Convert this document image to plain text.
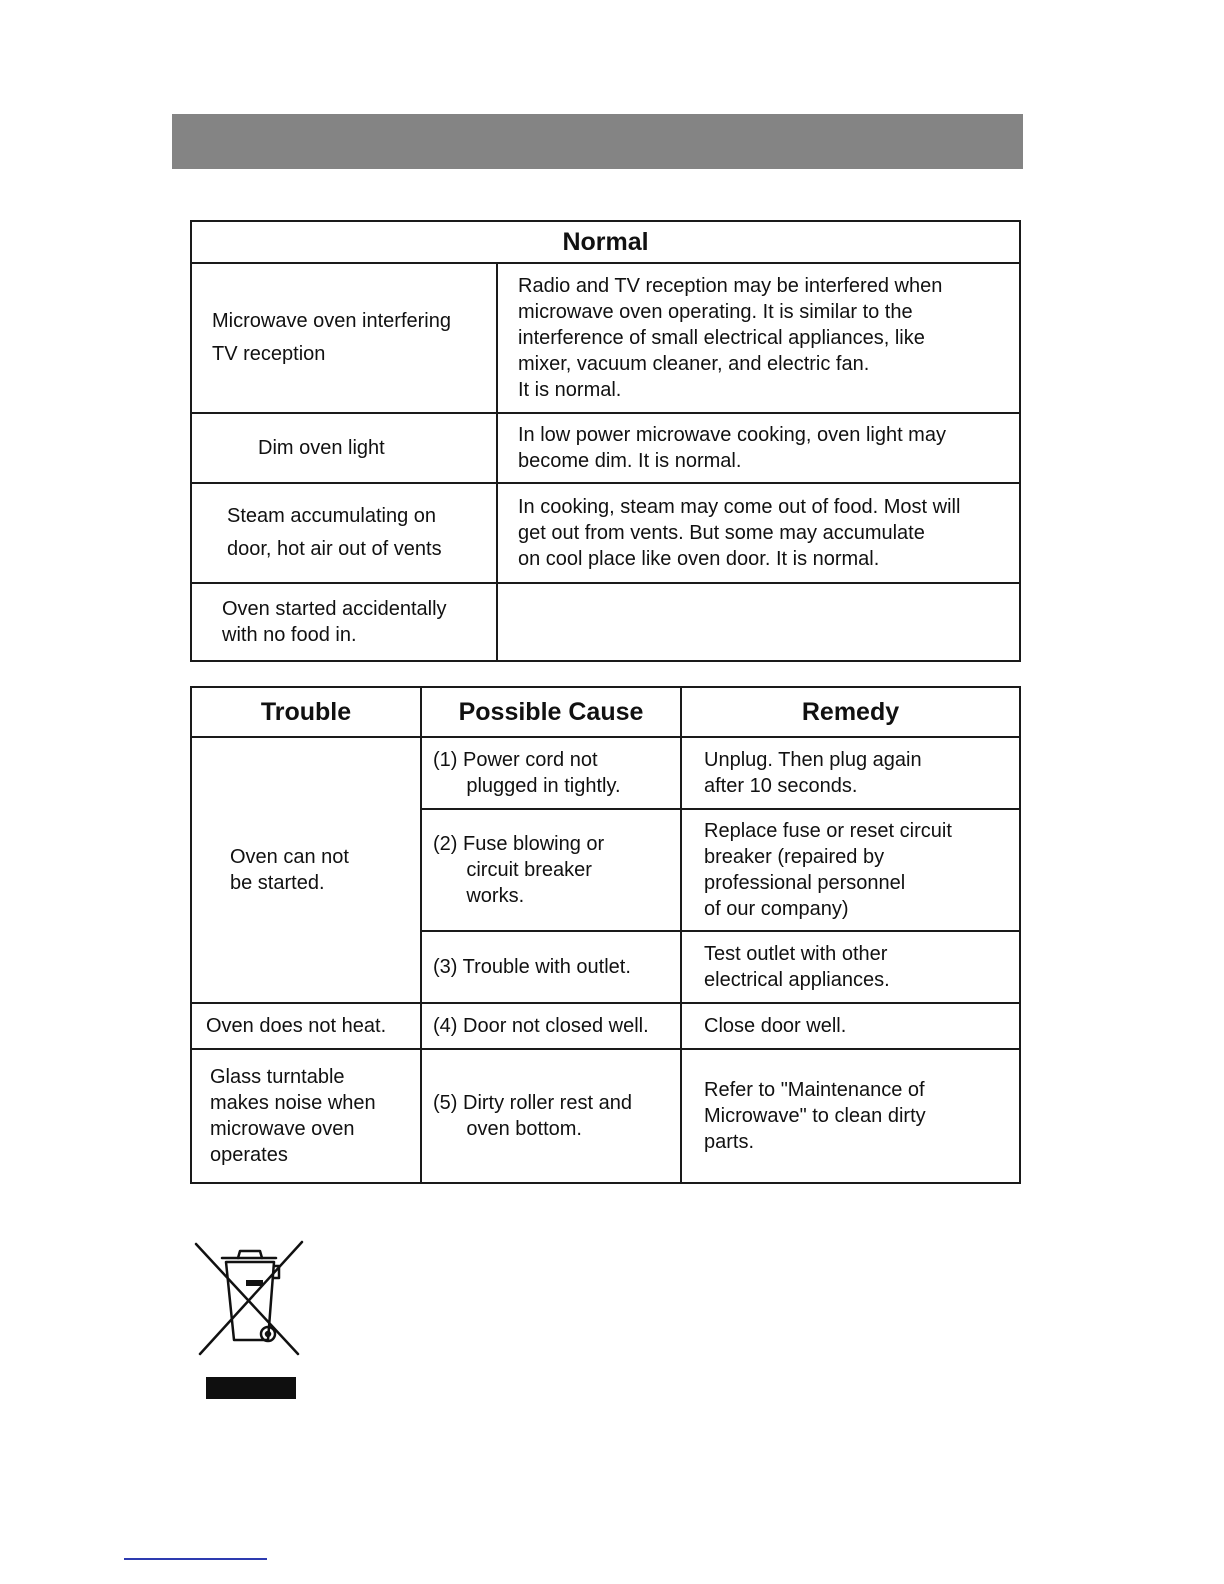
Normal	

Microwave oven interfering
TV reception	Radio and TV reception may be interfered when
microwave oven operating. It is similar to the
interference of small electrical appliances, like
mixer, vacuum cleaner, and electric fan.
It is normal.

Dim oven light	In low power microwave cooking, oven light may
become dim. It is normal.

Steam accumulating on
door, hot air out of vents	In cooking, steam may come out of food. Most will
get out from vents. But some may accumulate
on cool place like oven door. It is normal.

Oven started accidentally
with no food in.	

Trouble	Possible Cause	Remedy

Oven can not
be started.	(1) Power cord not
plugged in tightly.	Unplug. Then plug again
after 10 seconds.

	(2) Fuse blowing or
circuit breaker
works.	Replace fuse or reset circuit
breaker (repaired by
professional personnel
of our company)

	(3) Trouble with outlet.	Test outlet with other
electrical appliances.

Oven does not heat.	(4) Door not closed well.	Close door well.

Glass turntable
makes noise when
microwave oven
operates	(5) Dirty roller rest and
oven bottom.	Refer to "Maintenance of
Microwave" to clean dirty
parts.
